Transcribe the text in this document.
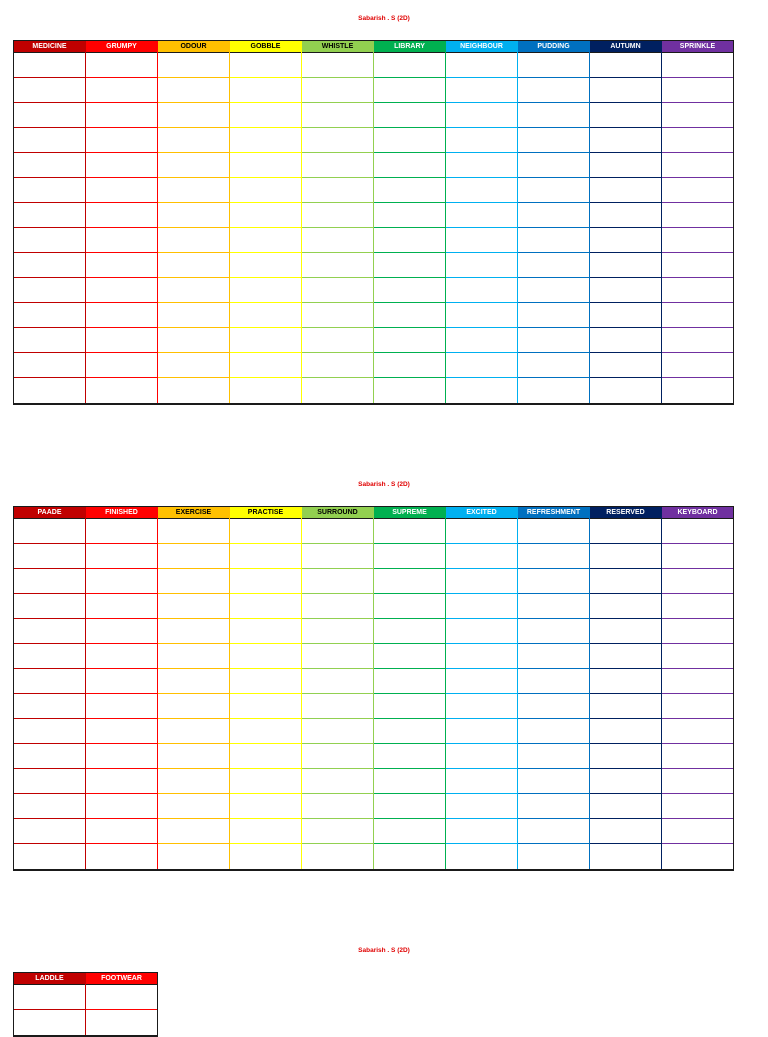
Sabarish . S (2D)
MEDICINE	GRUMPY	ODOUR	GOBBLE	WHISTLE	LIBRARY	NEIGHBOUR	PUDDING	AUTUMN	SPRINKLE
Sabarish . S (2D)
PAADE	FINISHED	EXERCISE	PRACTISE	SURROUND	SUPREME	EXCITED	REFRESHMENT	RESERVED	KEYBOARD
Sabarish . S (2D)
LADDLE	FOOTWEAR
